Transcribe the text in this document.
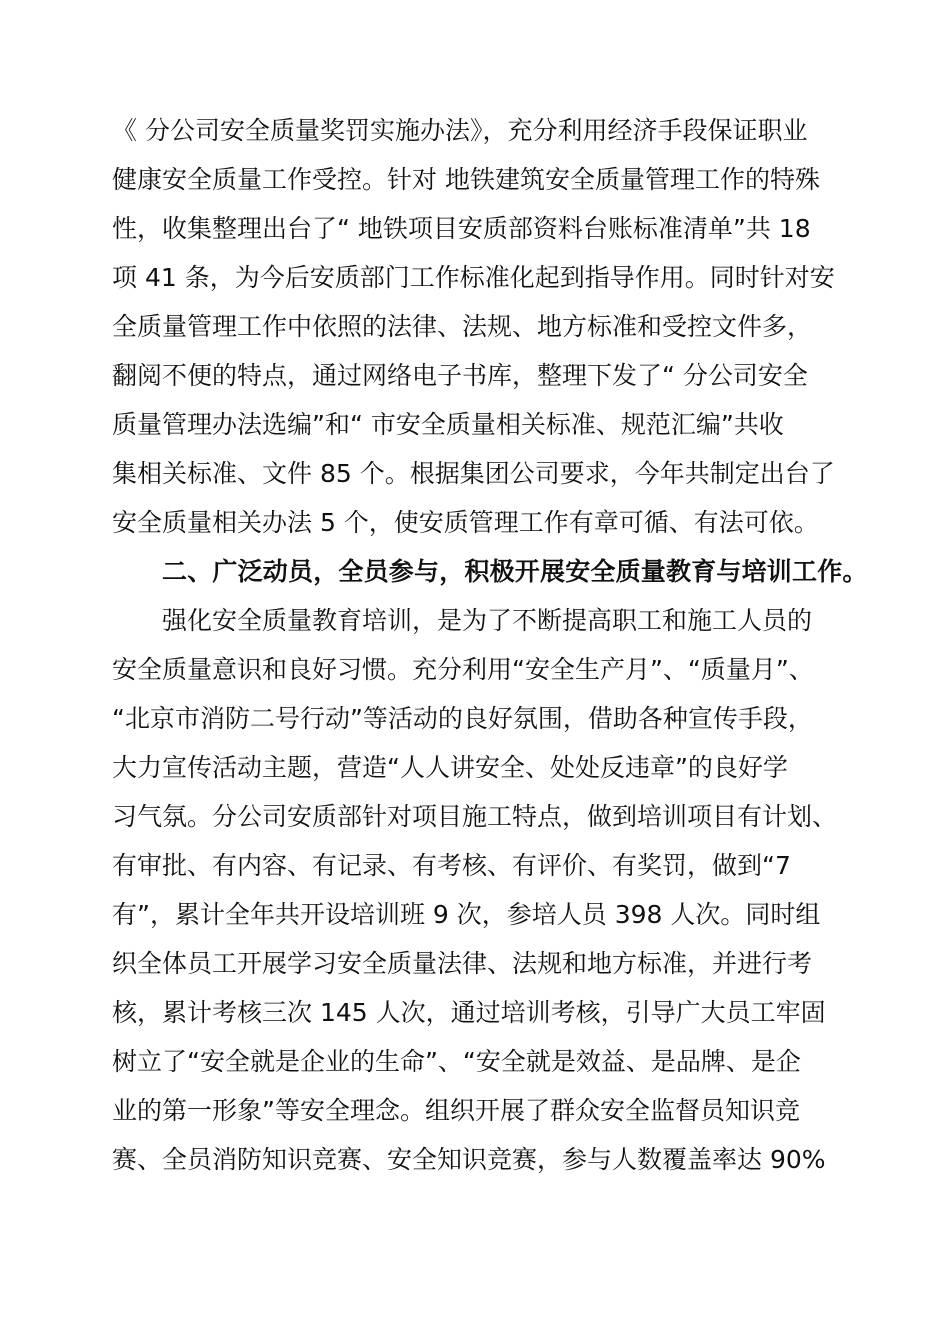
《 分公司安全质量奖罚实施办法》，充分利用经济手段保证职业
健康安全质量工作受控。针对 地铁建筑安全质量管理工作的特殊
性，收集整理出台了“ 地铁项目安质部资料台账标准清单”共 18
项 41 条，为今后安质部门工作标准化起到指导作用。同时针对安
全质量管理工作中依照的法律、法规、地方标准和受控文件多，
翻阅不便的特点，通过网络电子书库，整理下发了“ 分公司安全
质量管理办法选编”和“ 市安全质量相关标准、规范汇编”共收
集相关标准、文件 85 个。根据集团公司要求，今年共制定出台了
安全质量相关办法 5 个，使安质管理工作有章可循、有法可依。
二、广泛动员，全员参与，积极开展安全质量教育与培训工作。
强化安全质量教育培训，是为了不断提高职工和施工人员的
安全质量意识和良好习惯。充分利用“安全生产月”、“质量月”、
“北京市消防二号行动”等活动的良好氛围，借助各种宣传手段，
大力宣传活动主题，营造“人人讲安全、处处反违章”的良好学
习气氛。分公司安质部针对项目施工特点，做到培训项目有计划、
有审批、有内容、有记录、有考核、有评价、有奖罚，做到“7
有”，累计全年共开设培训班 9 次，参培人员 398 人次。同时组
织全体员工开展学习安全质量法律、法规和地方标准，并进行考
核，累计考核三次 145 人次，通过培训考核，引导广大员工牢固
树立了“安全就是企业的生命”、“安全就是效益、是品牌、是企
业的第一形象”等安全理念。组织开展了群众安全监督员知识竞
赛、全员消防知识竞赛、安全知识竞赛，参与人数覆盖率达 90%
